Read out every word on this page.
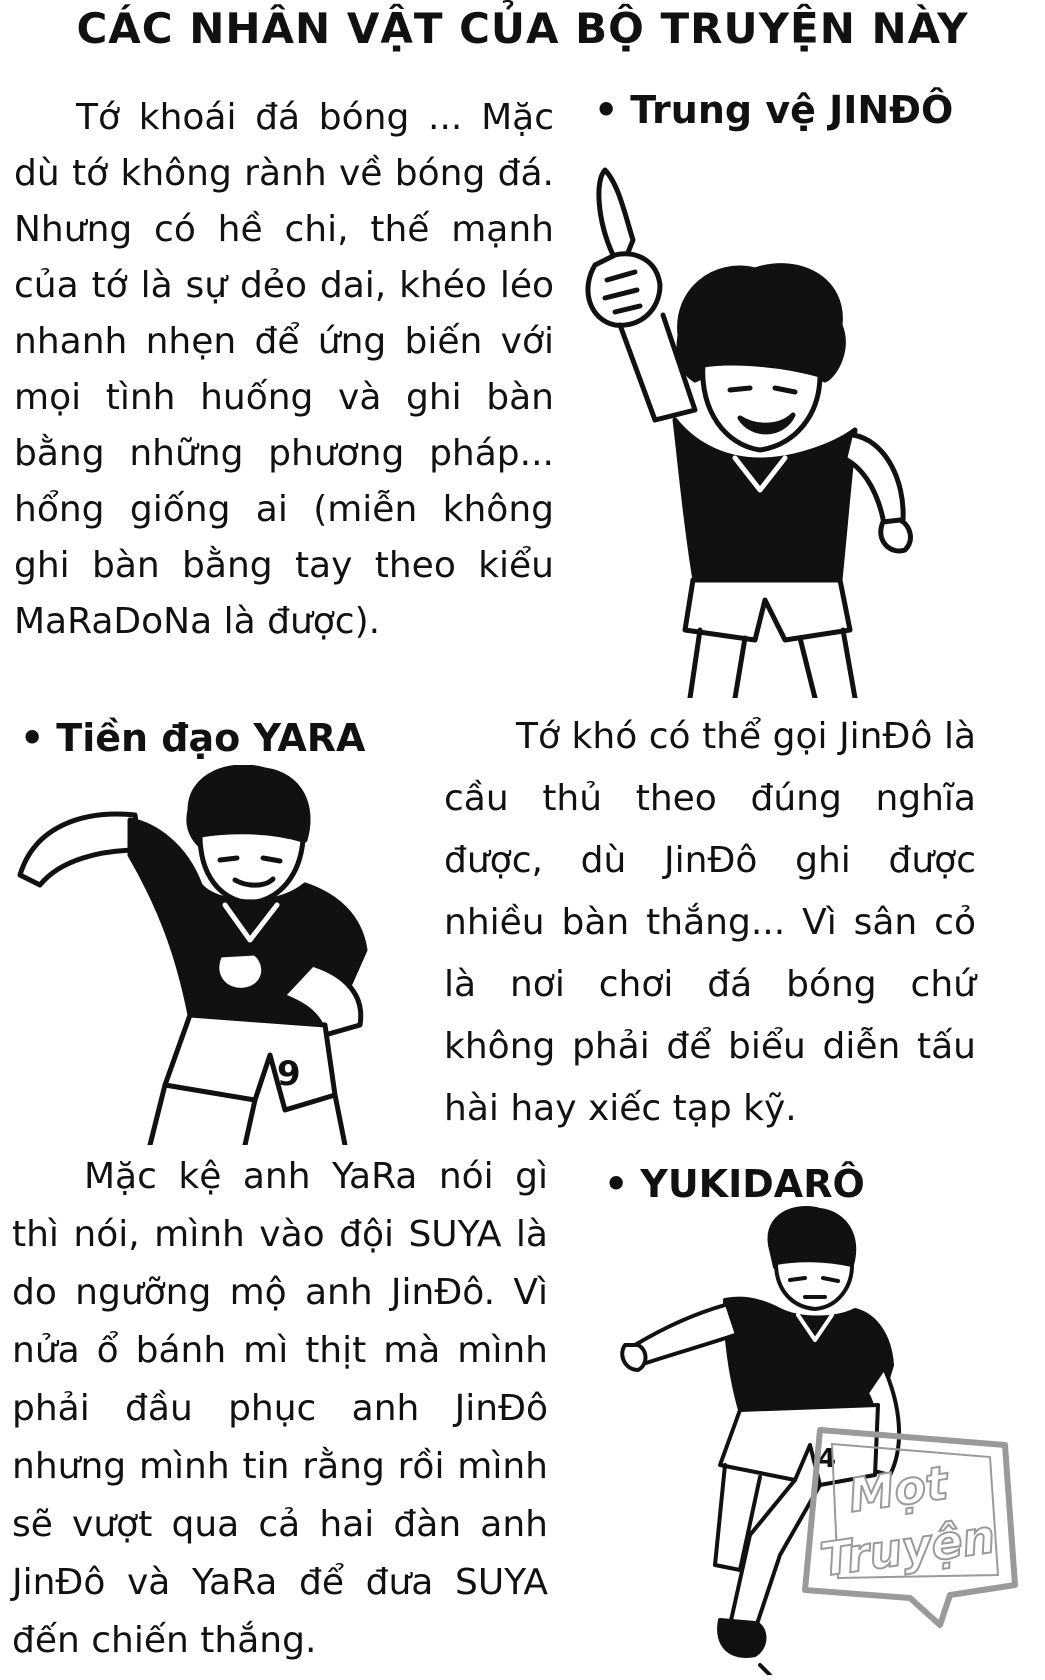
CÁC NHÂN VẬT CỦA BỘ TRUYỆN NÀY

Tớ khoái đá bóng ... Mặc dù tớ không rành về bóng đá. Nhưng có hề chi, thế mạnh của tớ là sự dẻo dai, khéo léo nhanh nhẹn để ứng biến với mọi tình huống và ghi bàn bằng những phương pháp... hổng giống ai (miễn không ghi bàn bằng tay theo kiểu MaRaDoNa là được).

• Trung vệ JINĐÔ
• Tiền đạo YARA	Tớ khó có thể gọi JinĐô là cầu thủ theo đúng nghĩa được, dù JinĐô ghi được nhiều bàn thắng... Vì sân cỏ là nơi chơi đá bóng chứ không phải để biểu diễn tấu hài hay xiếc tạp kỹ.

9

Mặc kệ anh YaRa nói gì thì nói, mình vào đội SUYA là do ngưỡng mộ anh JinĐô. Vì nửa ổ bánh mì thịt mà mình phải đầu phục anh JinĐô nhưng mình tin rằng rồi mình sẽ vượt qua cả hai đàn anh JinĐô và YaRa để đưa SUYA đến chiến thắng.

• YUKIDARÔ
4 Mọt
Truyện
